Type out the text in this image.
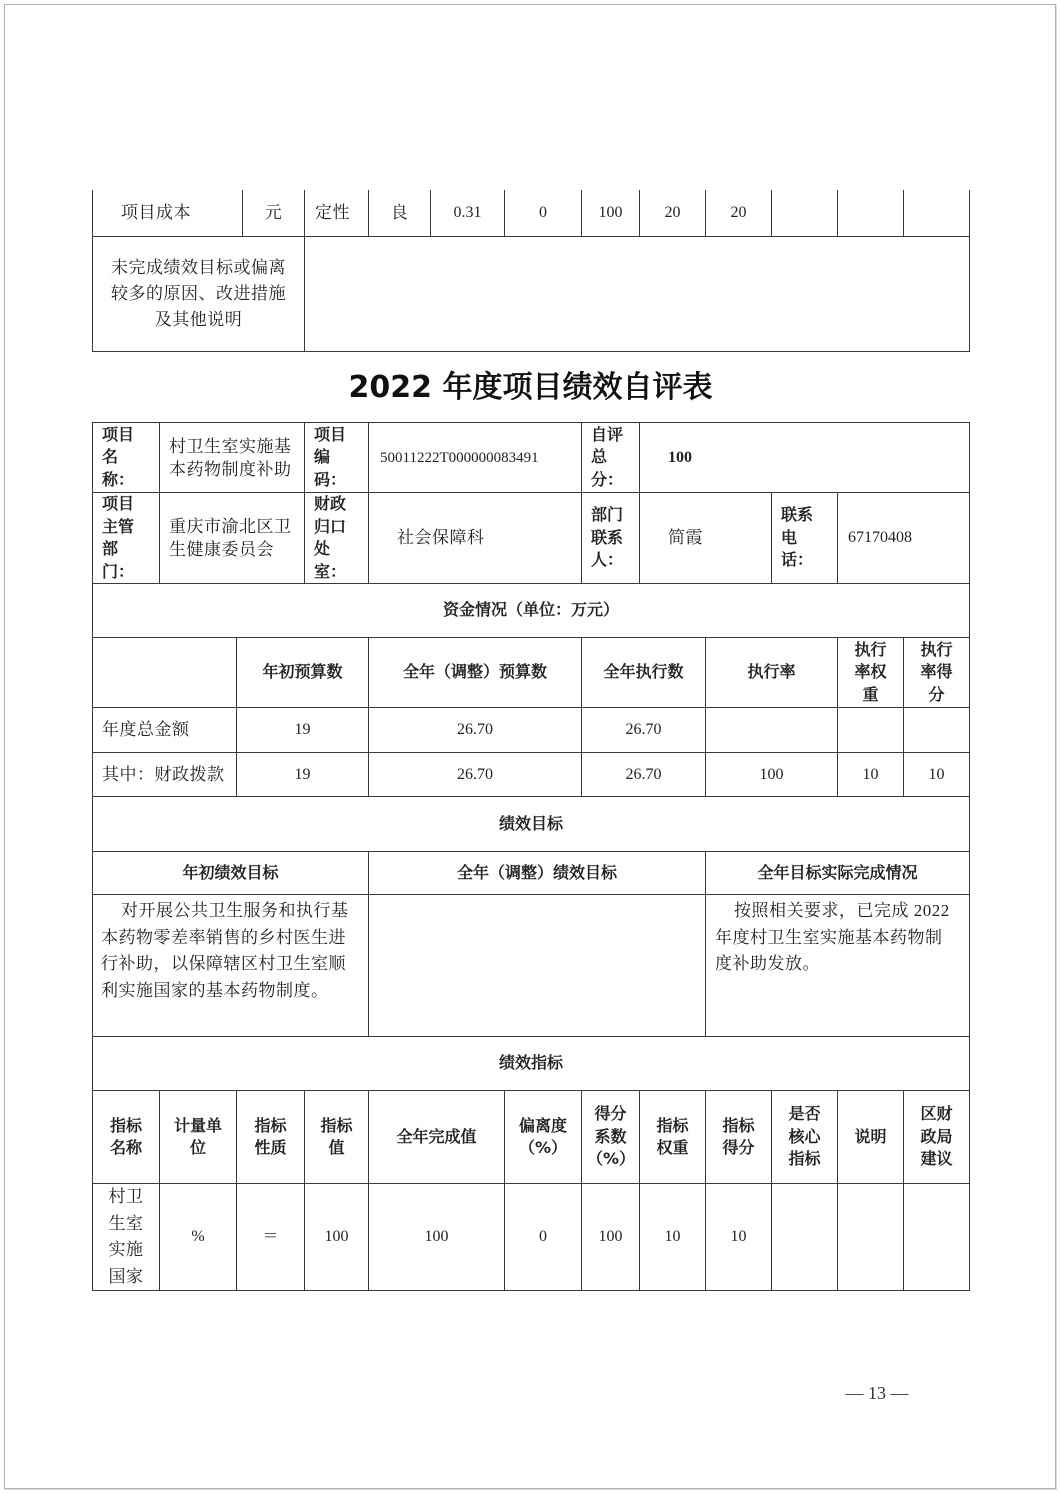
项目成本	元	定性	良	0.31	0	100	20	20			
未完成绩效目标或偏离较多的原因、改进措施及其他说明											
2022 年度项目绩效自评表
项目名称：	村卫生室实施基本药物制度补助		项目编码：	50011222T000000083491		自评总分：	100				
项目主管部门：	重庆市渝北区卫生健康委员会		财政归口处室：	社会保障科		部门联系人：	简霞		联系电话：	67170408	
资金情况（单位：万元）											
		年初预算数		全年（调整）预算数		全年执行数		执行率		执行率权重	执行率得分
年度总金额		19		26.70		26.70					
其中：财政拨款		19		26.70		26.70		100		10	10
绩效目标											
年初绩效目标				全年（调整）绩效目标				全年目标实际完成情况			
对开展公共卫生服务和执行基本药物零差率销售的乡村医生进行补助，以保障辖区村卫生室顺利实施国家的基本药物制度。								按照相关要求，已完成 2022 年度村卫生室实施基本药物制度补助发放。			
绩效指标											
指标名称	计量单位	指标性质	指标值	全年完成值	偏离度（%）	得分系数（%）	指标权重	指标得分	是否核心指标	说明	区财政局建议
村卫生室实施国家	%	＝	100	100	0	100	10	10			
— 13 —
